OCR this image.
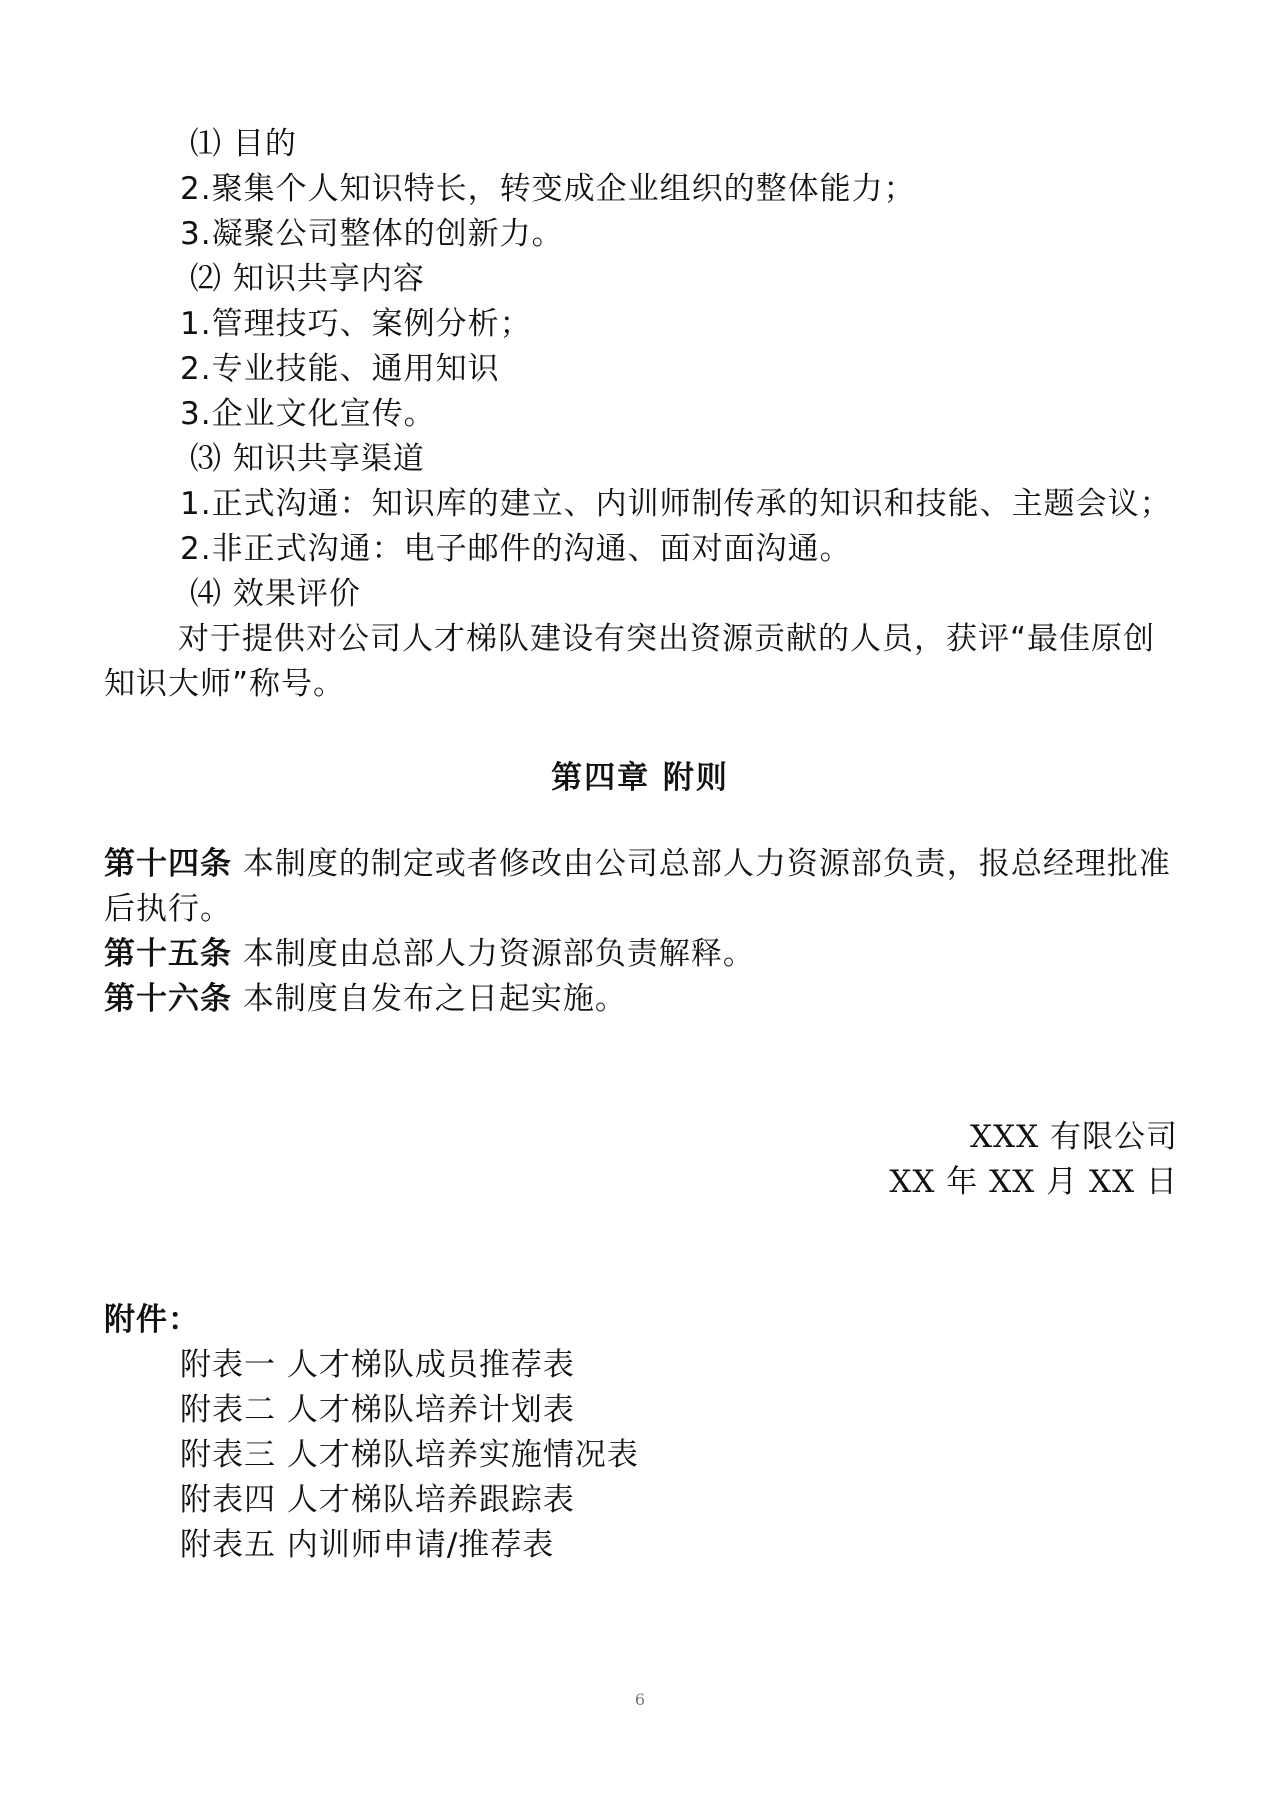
⑴ 目的
2.聚集个人知识特长，转变成企业组织的整体能力；
3.凝聚公司整体的创新力。
⑵ 知识共享内容
1.管理技巧、案例分析；
2.专业技能、通用知识
3.企业文化宣传。
⑶ 知识共享渠道
1.正式沟通：知识库的建立、内训师制传承的知识和技能、主题会议；
2.非正式沟通：电子邮件的沟通、面对面沟通。
⑷ 效果评价
对于提供对公司人才梯队建设有突出资源贡献的人员，获评“最佳原创
知识大师”称号。
第四章 附则
第十四条 本制度的制定或者修改由公司总部人力资源部负责，报总经理批准
后执行。
第十五条 本制度由总部人力资源部负责解释。
第十六条 本制度自发布之日起实施。
XXX 有限公司
XX 年 XX 月 XX 日
附件：
附表一 人才梯队成员推荐表
附表二 人才梯队培养计划表
附表三 人才梯队培养实施情况表
附表四 人才梯队培养跟踪表
附表五 内训师申请/推荐表
6
